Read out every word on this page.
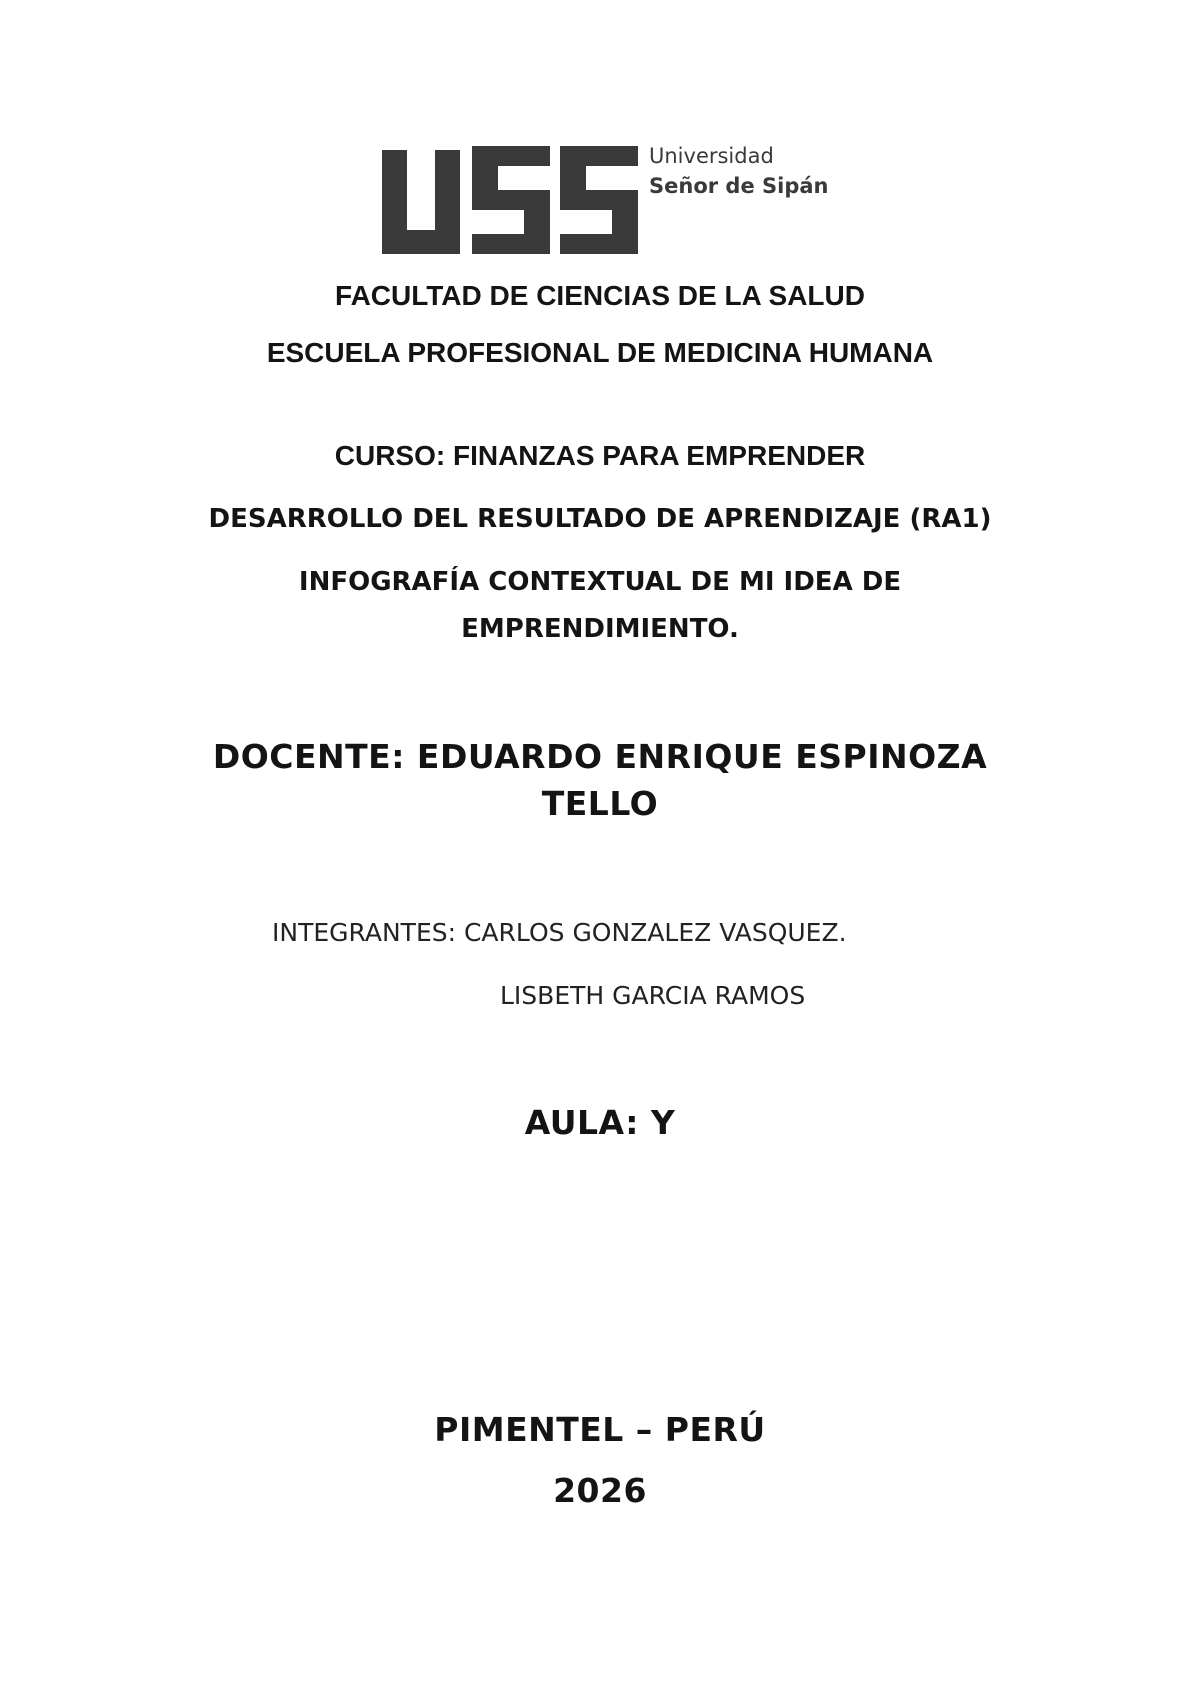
Universidad
Señor de Sipán
FACULTAD DE CIENCIAS DE LA SALUD
ESCUELA PROFESIONAL DE MEDICINA HUMANA
CURSO: FINANZAS PARA EMPRENDER
DESARROLLO DEL RESULTADO DE APRENDIZAJE (RA1)
INFOGRAFÍA CONTEXTUAL DE MI IDEA DE
EMPRENDIMIENTO.
DOCENTE: EDUARDO ENRIQUE ESPINOZA
TELLO
INTEGRANTES: CARLOS GONZALEZ VASQUEZ.
LISBETH GARCIA RAMOS
AULA: Y
PIMENTEL – PERÚ
2026
